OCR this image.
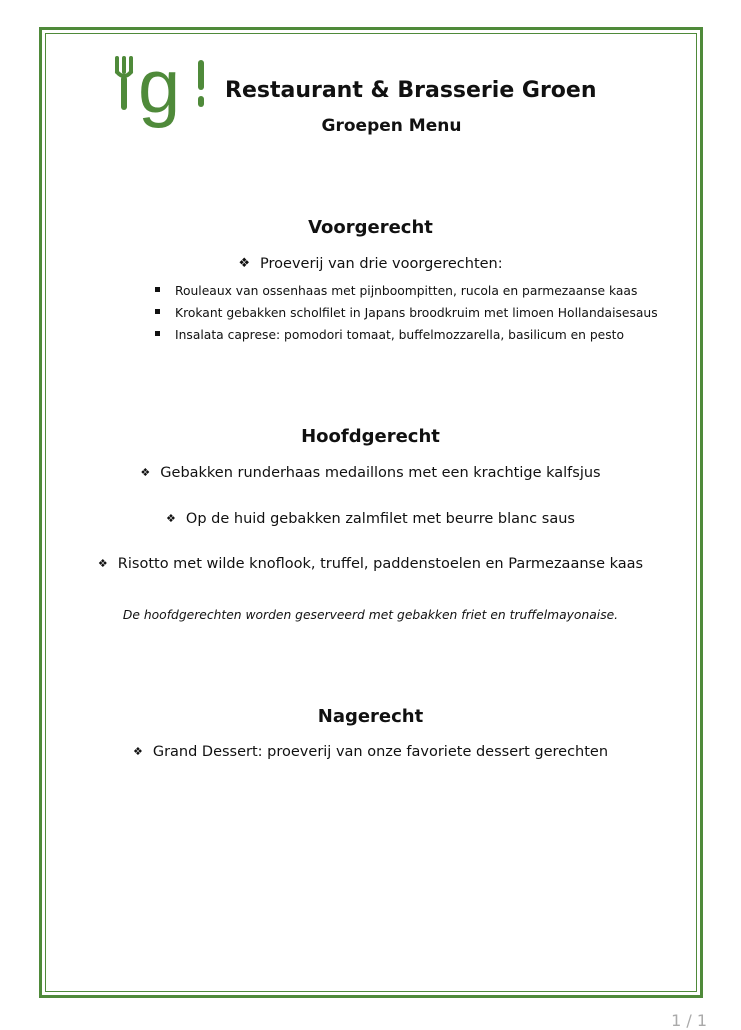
g Restaurant & Brasserie Groen
Groepen Menu
Voorgerecht
❖ Proeverij van drie voorgerechten:
Rouleaux van ossenhaas met pijnboompitten, rucola en parmezaanse kaas
Krokant gebakken scholfilet in Japans broodkruim met limoen Hollandaisesaus
Insalata caprese: pomodori tomaat, buffelmozzarella, basilicum en pesto
Hoofdgerecht
❖ Gebakken runderhaas medaillons met een krachtige kalfsjus
❖ Op de huid gebakken zalmfilet met beurre blanc saus
❖ Risotto met wilde knoflook, truffel, paddenstoelen en Parmezaanse kaas
De hoofdgerechten worden geserveerd met gebakken friet en truffelmayonaise.
Nagerecht
❖ Grand Dessert: proeverij van onze favoriete dessert gerechten
1 / 1
